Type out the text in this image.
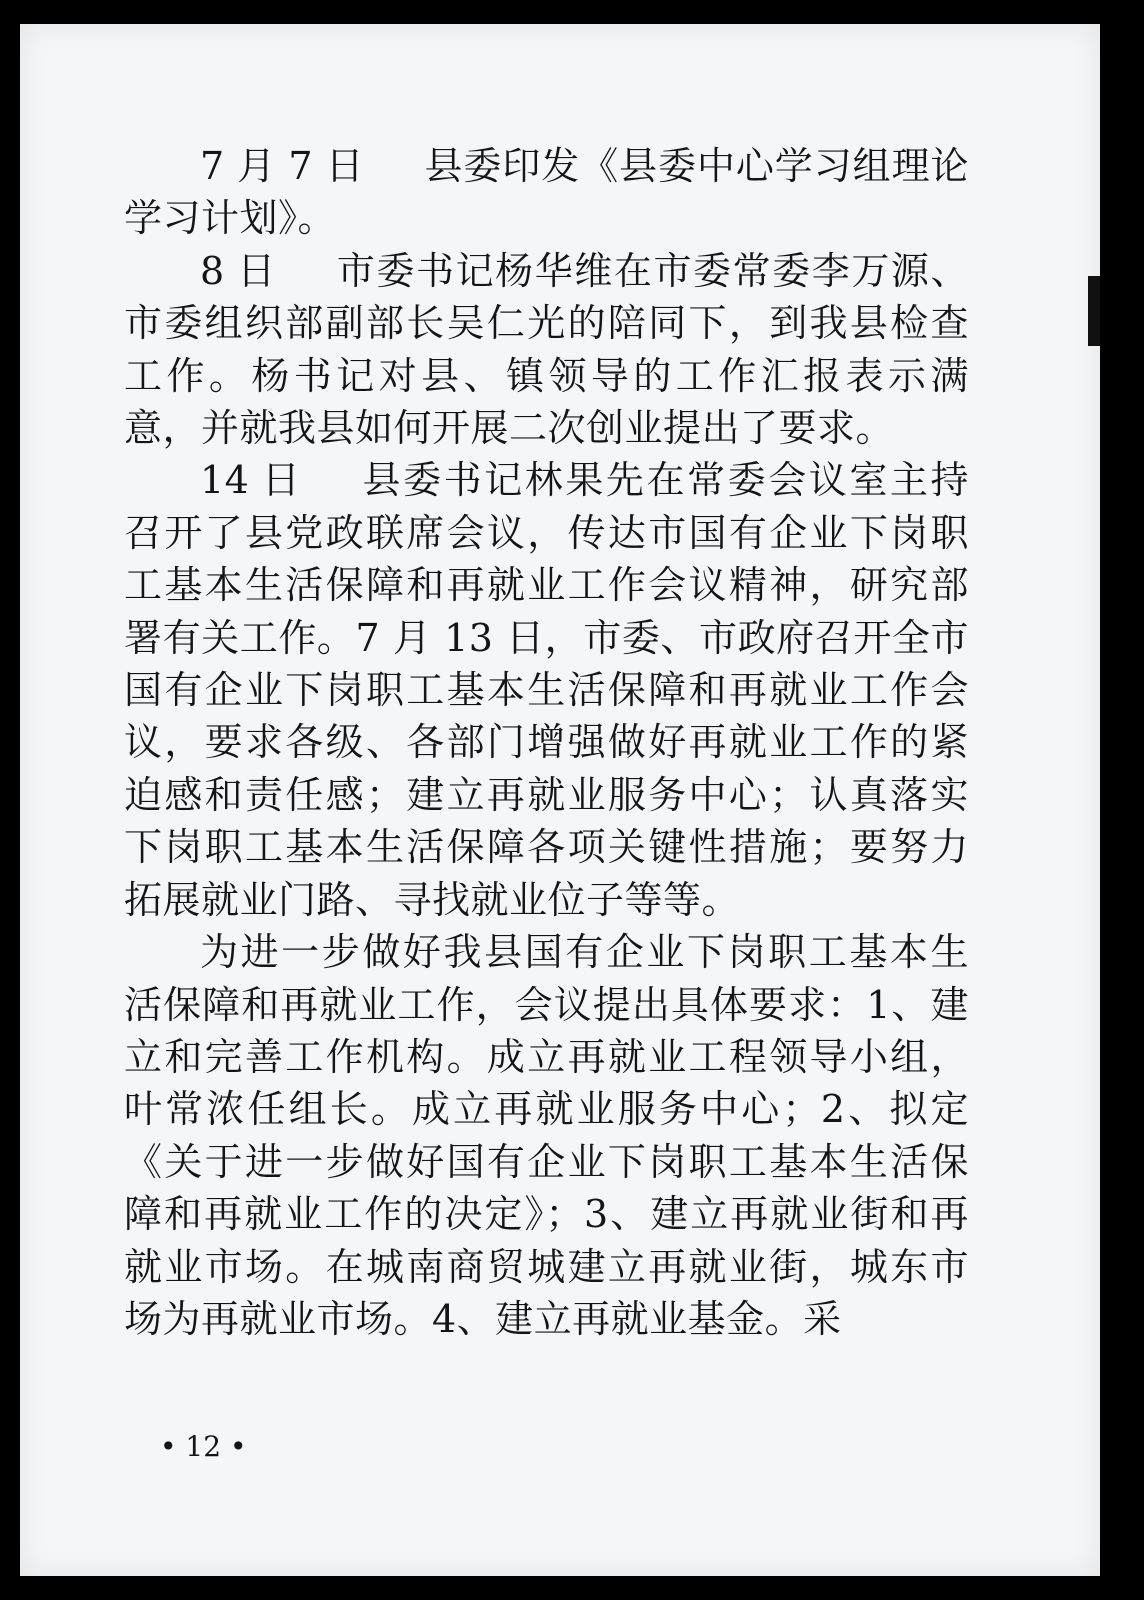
7 月 7 日 县委印发《县委中心学习组理论学习计划》。

8 日 市委书记杨华维在市委常委李万源、市委组织部副部长吴仁光的陪同下，到我县检查工作。杨书记对县、镇领导的工作汇报表示满意，并就我县如何开展二次创业提出了要求。

14 日 县委书记林果先在常委会议室主持召开了县党政联席会议，传达市国有企业下岗职工基本生活保障和再就业工作会议精神，研究部署有关工作。7 月 13 日，市委、市政府召开全市国有企业下岗职工基本生活保障和再就业工作会议，要求各级、各部门增强做好再就业工作的紧迫感和责任感；建立再就业服务中心；认真落实下岗职工基本生活保障各项关键性措施；要努力拓展就业门路、寻找就业位子等等。

为进一步做好我县国有企业下岗职工基本生活保障和再就业工作，会议提出具体要求：1、建立和完善工作机构。成立再就业工程领导小组，叶常浓任组长。成立再就业服务中心；2、拟定《关于进一步做好国有企业下岗职工基本生活保障和再就业工作的决定》；3、建立再就业街和再就业市场。在城南商贸城建立再就业街，城东市场为再就业市场。4、建立再就业基金。采

• 12 •
